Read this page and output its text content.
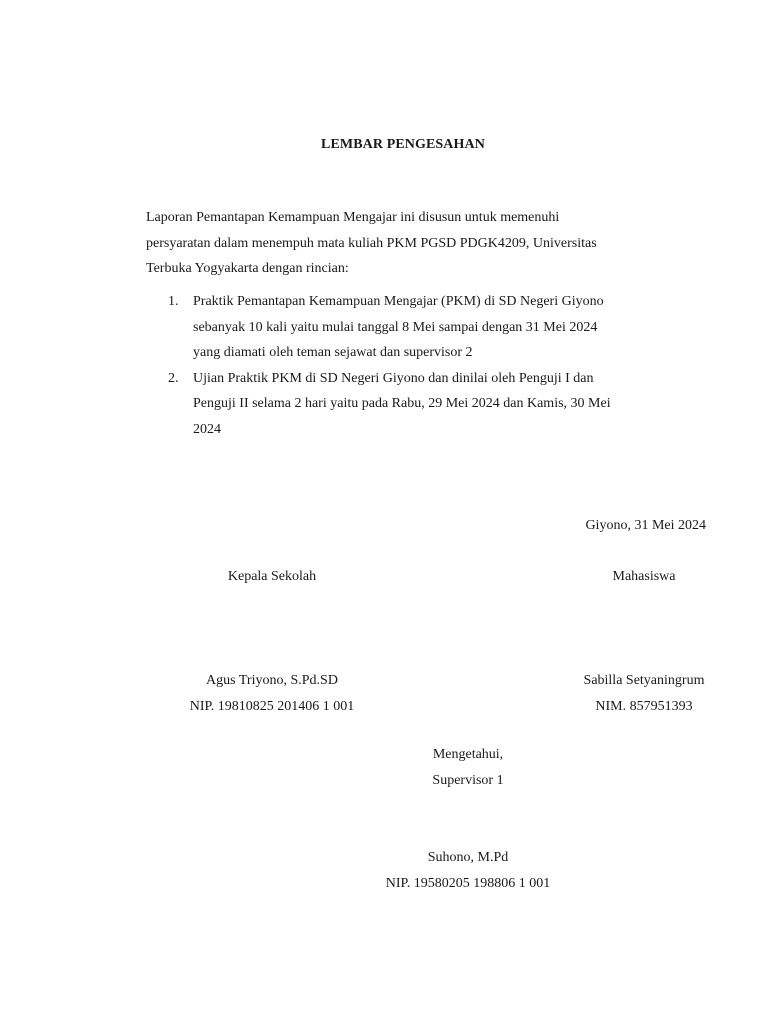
LEMBAR PENGESAHAN
Laporan Pemantapan Kemampuan Mengajar ini disusun untuk memenuhi
persyaratan dalam menempuh mata kuliah PKM PGSD PDGK4209, Universitas
Terbuka Yogyakarta dengan rincian:
1. Praktik Pemantapan Kemampuan Mengajar (PKM) di SD Negeri Giyono
sebanyak 10 kali yaitu mulai tanggal 8 Mei sampai dengan 31 Mei 2024
yang diamati oleh teman sejawat dan supervisor 2
2. Ujian Praktik PKM di SD Negeri Giyono dan dinilai oleh Penguji I dan
Penguji II selama 2 hari yaitu pada Rabu, 29 Mei 2024 dan Kamis, 30 Mei
2024
Giyono, 31 Mei 2024
Kepala Sekolah	Mahasiswa
Agus Triyono, S.Pd.SD
NIP. 19810825 201406 1 001
Sabilla Setyaningrum
NIM. 857951393
Mengetahui,
Supervisor 1
Suhono, M.Pd
NIP. 19580205 198806 1 001
